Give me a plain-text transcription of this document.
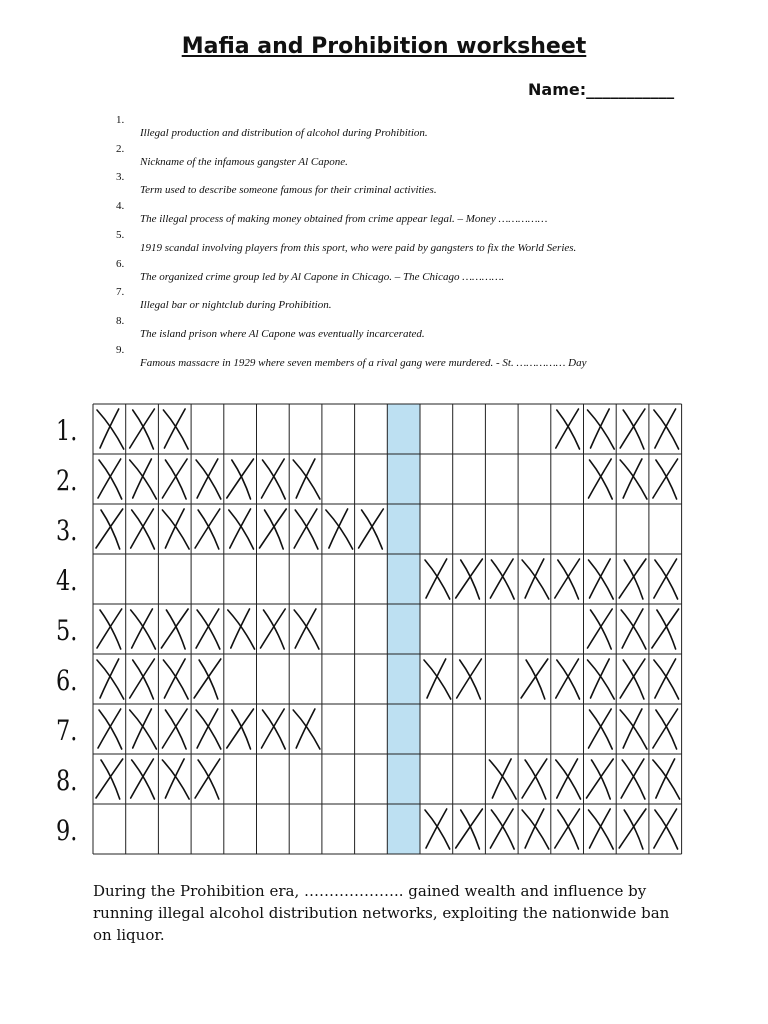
Mafia and Prohibition worksheet
Name:___________
1.
Illegal production and distribution of alcohol during Prohibition.
2.
Nickname of the infamous gangster Al Capone.
3.
Term used to describe someone famous for their criminal activities.
4.
The illegal process of making money obtained from crime appear legal. – Money ……………
5.
1919 scandal involving players from this sport, who were paid by gangsters to fix the World Series.
6.
The organized crime group led by Al Capone in Chicago. – The Chicago ………….
7.
Illegal bar or nightclub during Prohibition.
8.
The island prison where Al Capone was eventually incarcerated.
9.
Famous massacre in 1929 where seven members of a rival gang were murdered. - St. …………… Day
1.
2.
3.
4.
5.
6.
7.
8.
9.
During the Prohibition era, ……………….. gained wealth and influence by running illegal alcohol distribution networks, exploiting the nationwide ban on liquor.
